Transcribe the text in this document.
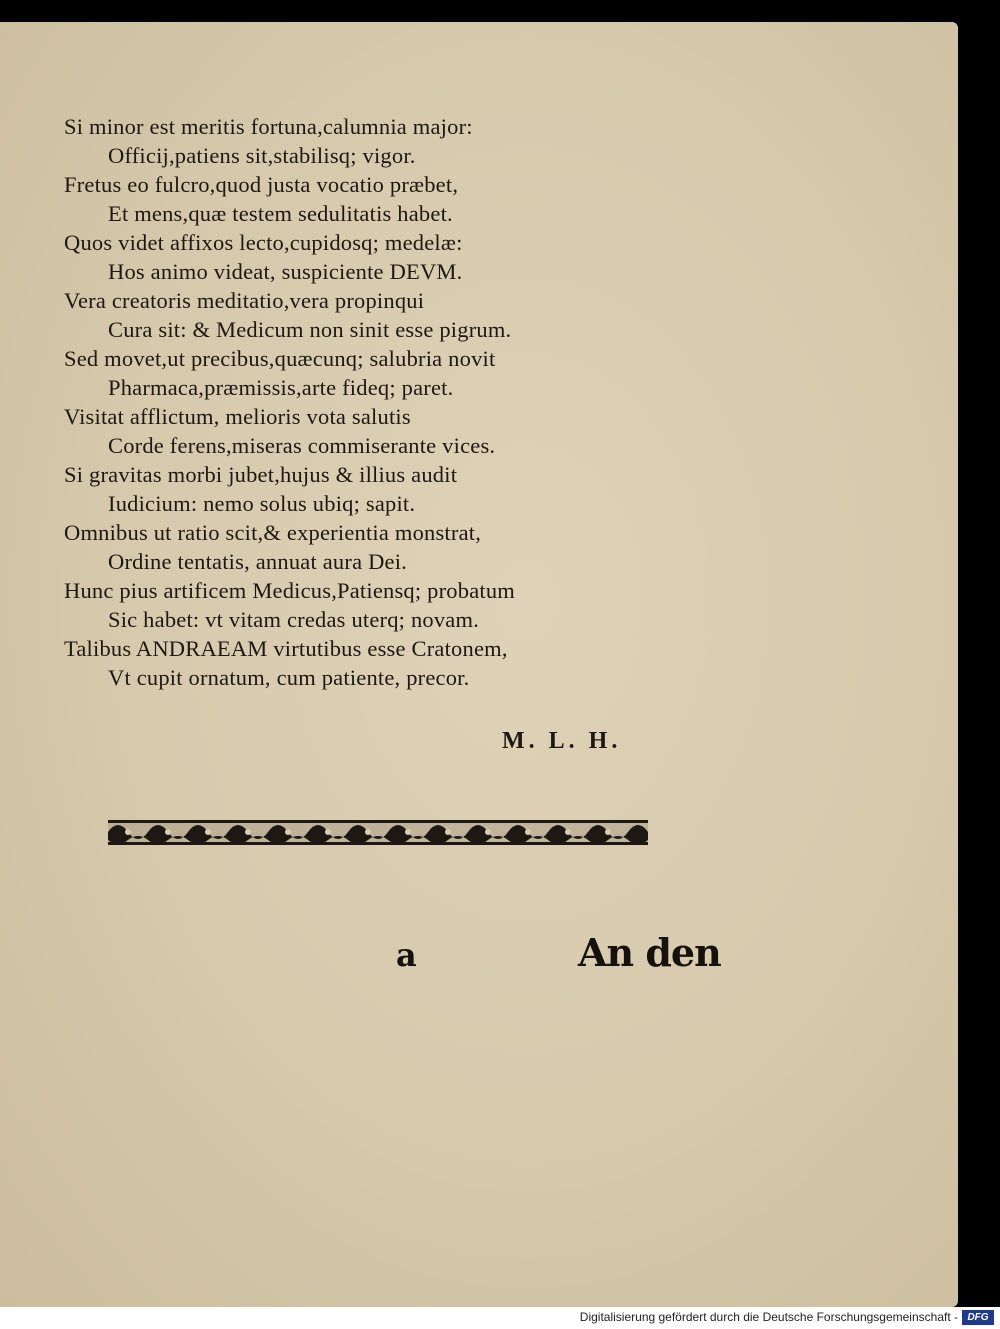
Si minor est meritis fortuna,calumnia major:
Officij,patiens sit,stabilisq; vigor.
Fretus eo fulcro,quod justa vocatio præbet,
Et mens,quæ testem sedulitatis habet.
Quos videt affixos lecto,cupidosq; medelæ:
Hos animo videat, suspiciente DEVM.
Vera creatoris meditatio,vera propinqui
Cura sit: & Medicum non sinit esse pigrum.
Sed movet,ut precibus,quæcunq; salubria novit
Pharmaca,præmissis,arte fideq; paret.
Visitat afflictum, melioris vota salutis
Corde ferens,miseras commiserante vices.
Si gravitas morbi jubet,hujus & illius audit
Iudicium: nemo solus ubiq; sapit.
Omnibus ut ratio scit,& experientia monstrat,
Ordine tentatis, annuat aura Dei.
Hunc pius artificem Medicus,Patiensq; probatum
Sic habet: vt vitam credas uterq; novam.
Talibus ANDRAEAM virtutibus esse Cratonem,
Vt cupit ornatum, cum patiente, precor.
M. L. H.
a	An den
Digitalisierung gefördert durch die Deutsche Forschungsgemeinschaft - DFG
